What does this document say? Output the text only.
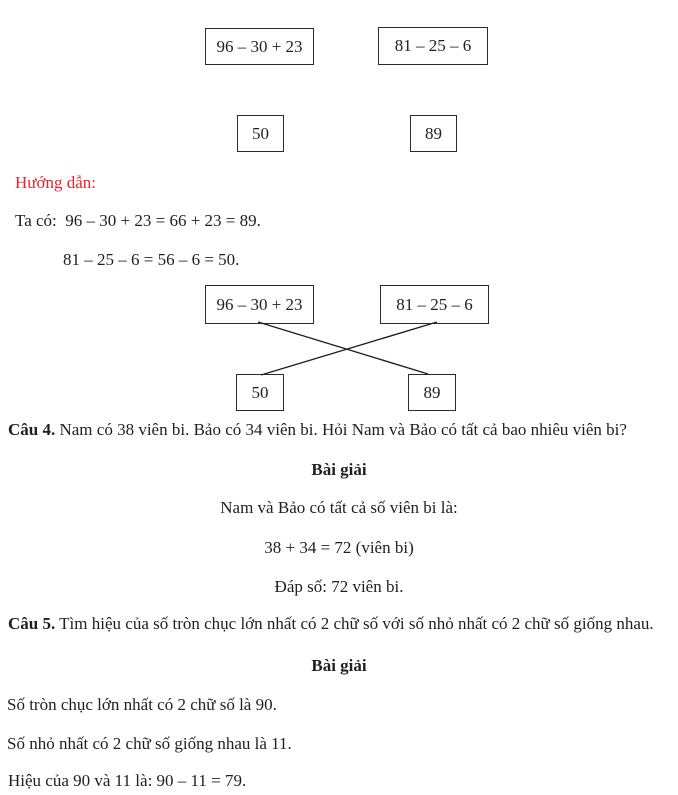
96 – 30 + 23	81 – 25 – 6
50	89
Hướng dẫn:
Ta có: 96 – 30 + 23 = 66 + 23 = 89.
81 – 25 – 6 = 56 – 6 = 50.
96 – 30 + 23	81 – 25 – 6
50	89
Câu 4. Nam có 38 viên bi. Bảo có 34 viên bi. Hỏi Nam và Bảo có tất cả bao nhiêu viên bi?
Bài giải
Nam và Bảo có tất cả số viên bi là:
38 + 34 = 72 (viên bi)
Đáp số: 72 viên bi.
Câu 5. Tìm hiệu của số tròn chục lớn nhất có 2 chữ số với số nhỏ nhất có 2 chữ số giống nhau.
Bài giải
Số tròn chục lớn nhất có 2 chữ số là 90.
Số nhỏ nhất có 2 chữ số giống nhau là 11.
Hiệu của 90 và 11 là: 90 – 11 = 79.
